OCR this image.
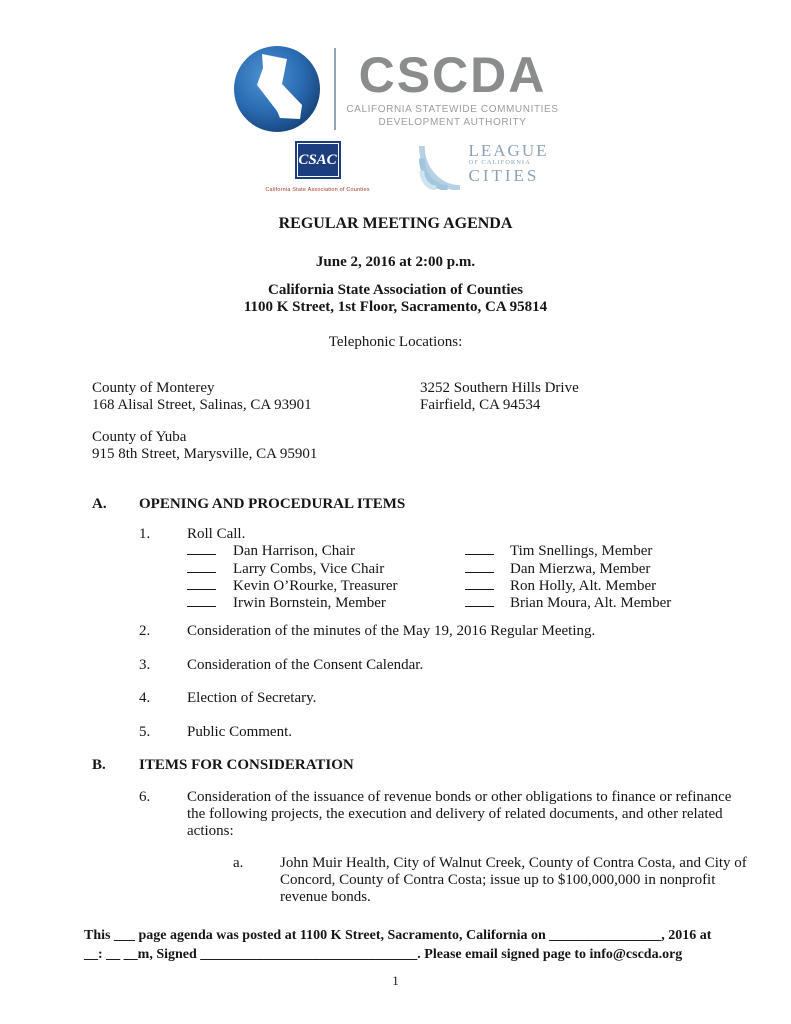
CSCDA
CALIFORNIA STATEWIDE COMMUNITIES
DEVELOPMENT AUTHORITY
CSAC
California State Association of Counties
LEAGUE
OF CALIFORNIA
CITIES
REGULAR MEETING AGENDA
June 2, 2016 at 2:00 p.m.
California State Association of Counties
1100 K Street, 1st Floor, Sacramento, CA 95814
Telephonic Locations:
County of Monterey
168 Alisal Street, Salinas, CA 93901
3252 Southern Hills Drive
Fairfield, CA 94534
County of Yuba
915 8th Street, Marysville, CA 95901
A.	OPENING AND PROCEDURAL ITEMS
1.	Roll Call.
Dan Harrison, Chair	Tim Snellings, Member
Larry Combs, Vice Chair	Dan Mierzwa, Member
Kevin O’Rourke, Treasurer	Ron Holly, Alt. Member
Irwin Bornstein, Member	Brian Moura, Alt. Member
2.	Consideration of the minutes of the May 19, 2016 Regular Meeting.
3.	Consideration of the Consent Calendar.
4.	Election of Secretary.
5.	Public Comment.
B.	ITEMS FOR CONSIDERATION
6.	Consideration of the issuance of revenue bonds or other obligations to finance or refinance the following projects, the execution and delivery of related documents, and other related actions:
a.	John Muir Health, City of Walnut Creek, County of Contra Costa, and City of Concord, County of Contra Costa; issue up to $100,000,000 in nonprofit revenue bonds.
This ___ page agenda was posted at 1100 K Street, Sacramento, California on ________________, 2016 at
__: __ __m, Signed _______________________________. Please email signed page to info@cscda.org
1
